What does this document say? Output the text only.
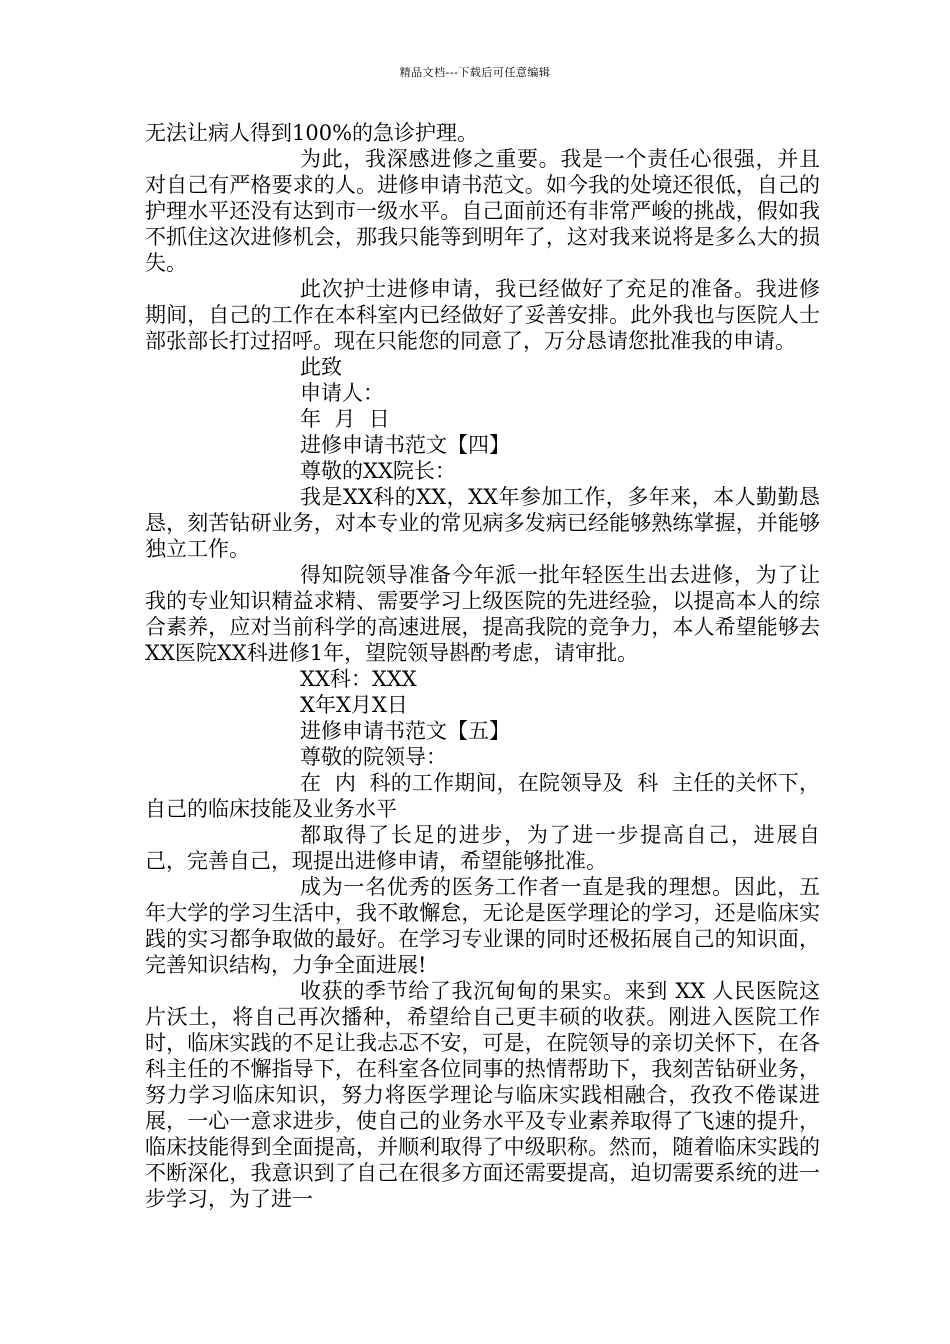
精品文档---下载后可任意编辑

无法让病人得到100%的急诊护理。

为此，我深感进修之重要。我是一个责任心很强，并且对自己有严格要求的人。进修申请书范文。如今我的处境还很低，自己的护理水平还没有达到市一级水平。自己面前还有非常严峻的挑战，假如我不抓住这次进修机会，那我只能等到明年了，这对我来说将是多么大的损失。

此次护士进修申请，我已经做好了充足的准备。我进修期间，自己的工作在本科室内已经做好了妥善安排。此外我也与医院人士部张部长打过招呼。现在只能您的同意了，万分恳请您批准我的申请。

此致

申请人：

年  月  日

进修申请书范文【四】

尊敬的XX院长：

我是XX科的XX，XX年参加工作，多年来，本人勤勤恳恳，刻苦钻研业务，对本专业的常见病多发病已经能够熟练掌握，并能够独立工作。

得知院领导准备今年派一批年轻医生出去进修，为了让我的专业知识精益求精、需要学习上级医院的先进经验，以提高本人的综合素养，应对当前科学的高速进展，提高我院的竞争力，本人希望能够去XX医院XX科进修1年，望院领导斟酌考虑，请审批。

XX科：XXX

X年X月X日

进修申请书范文【五】

尊敬的院领导：

在  内  科的工作期间，在院领导及  科  主任的关怀下，自己的临床技能及业务水平

都取得了长足的进步，为了进一步提高自己，进展自己，完善自己，现提出进修申请，希望能够批准。

成为一名优秀的医务工作者一直是我的理想。因此，五年大学的学习生活中，我不敢懈怠，无论是医学理论的学习，还是临床实践的实习都争取做的最好。在学习专业课的同时还极拓展自己的知识面，完善知识结构，力争全面进展!

收获的季节给了我沉甸甸的果实。来到 XX 人民医院这片沃土，将自己再次播种，希望给自己更丰硕的收获。刚进入医院工作时，临床实践的不足让我忐忑不安，可是，在院领导的亲切关怀下，在各科主任的不懈指导下，在科室各位同事的热情帮助下，我刻苦钻研业务，努力学习临床知识，努力将医学理论与临床实践相融合，孜孜不倦谋进展，一心一意求进步，使自己的业务水平及专业素养取得了飞速的提升，临床技能得到全面提高，并顺利取得了中级职称。然而，随着临床实践的不断深化，我意识到了自己在很多方面还需要提高，迫切需要系统的进一步学习，为了进一
